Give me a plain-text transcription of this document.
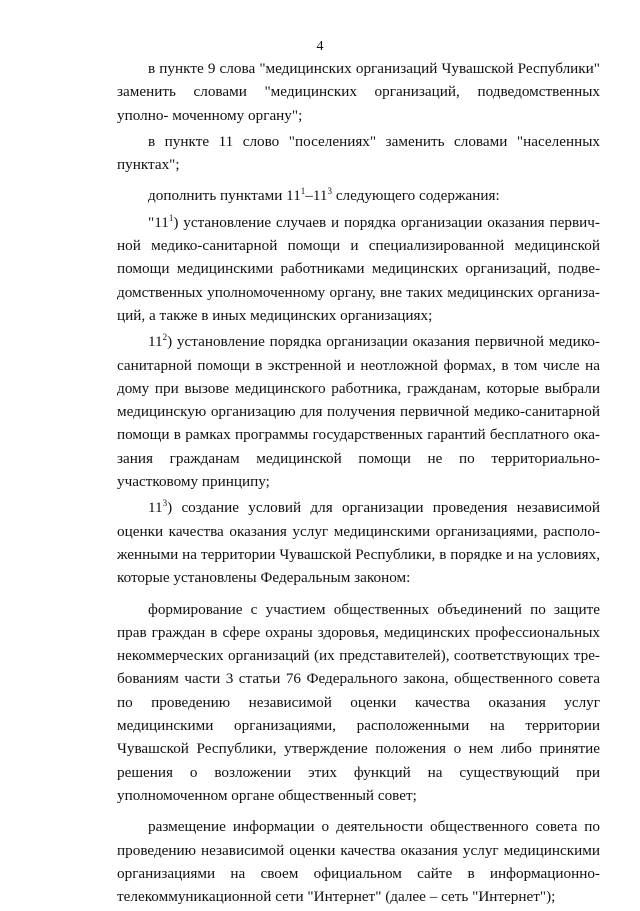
4

в пункте 9 слова "медицинских организаций Чувашской Республики" заменить словами "медицинских организаций, подведомственных уполно- моченному органу";

в пункте 11 слово "поселениях" заменить словами "населенных пунктах";

дополнить пунктами $11^1-11^3$ следующего содержания:

"$11^1$) установление случаев и порядка организации оказания первич- ной медико-санитарной помощи и специализированной медицинской помощи медицинскими работниками медицинских организаций, подве- домственных уполномоченному органу, вне таких медицинских организа- ций, а также в иных медицинских организациях;

$11^2$) установление порядка организации оказания первичной медико- санитарной помощи в экстренной и неотложной формах, в том числе на дому при вызове медицинского работника, гражданам, которые выбрали медицинскую организацию для получения первичной медико-санитарной помощи в рамках программы государственных гарантий бесплатного ока- зания гражданам медицинской помощи не по территориально-участковому принципу;

$11^3$) создание условий для организации проведения независимой оценки качества оказания услуг медицинскими организациями, располо- женными на территории Чувашской Республики, в порядке и на условиях, которые установлены Федеральным законом:

формирование с участием общественных объединений по защите прав граждан в сфере охраны здоровья, медицинских профессиональных некоммерческих организаций (их представителей), соответствующих тре- бованиям части 3 статьи 76 Федерального закона, общественного совета по проведению независимой оценки качества оказания услуг медицинскими организациями, расположенными на территории Чувашской Республики, утверждение положения о нем либо принятие решения о возложении этих функций на существующий при уполномоченном органе общественный совет;

размещение информации о деятельности общественного совета по проведению независимой оценки качества оказания услуг медицинскими организациями на своем официальном сайте в информационно- телекоммуникационной сети "Интернет" (далее – сеть "Интернет");
